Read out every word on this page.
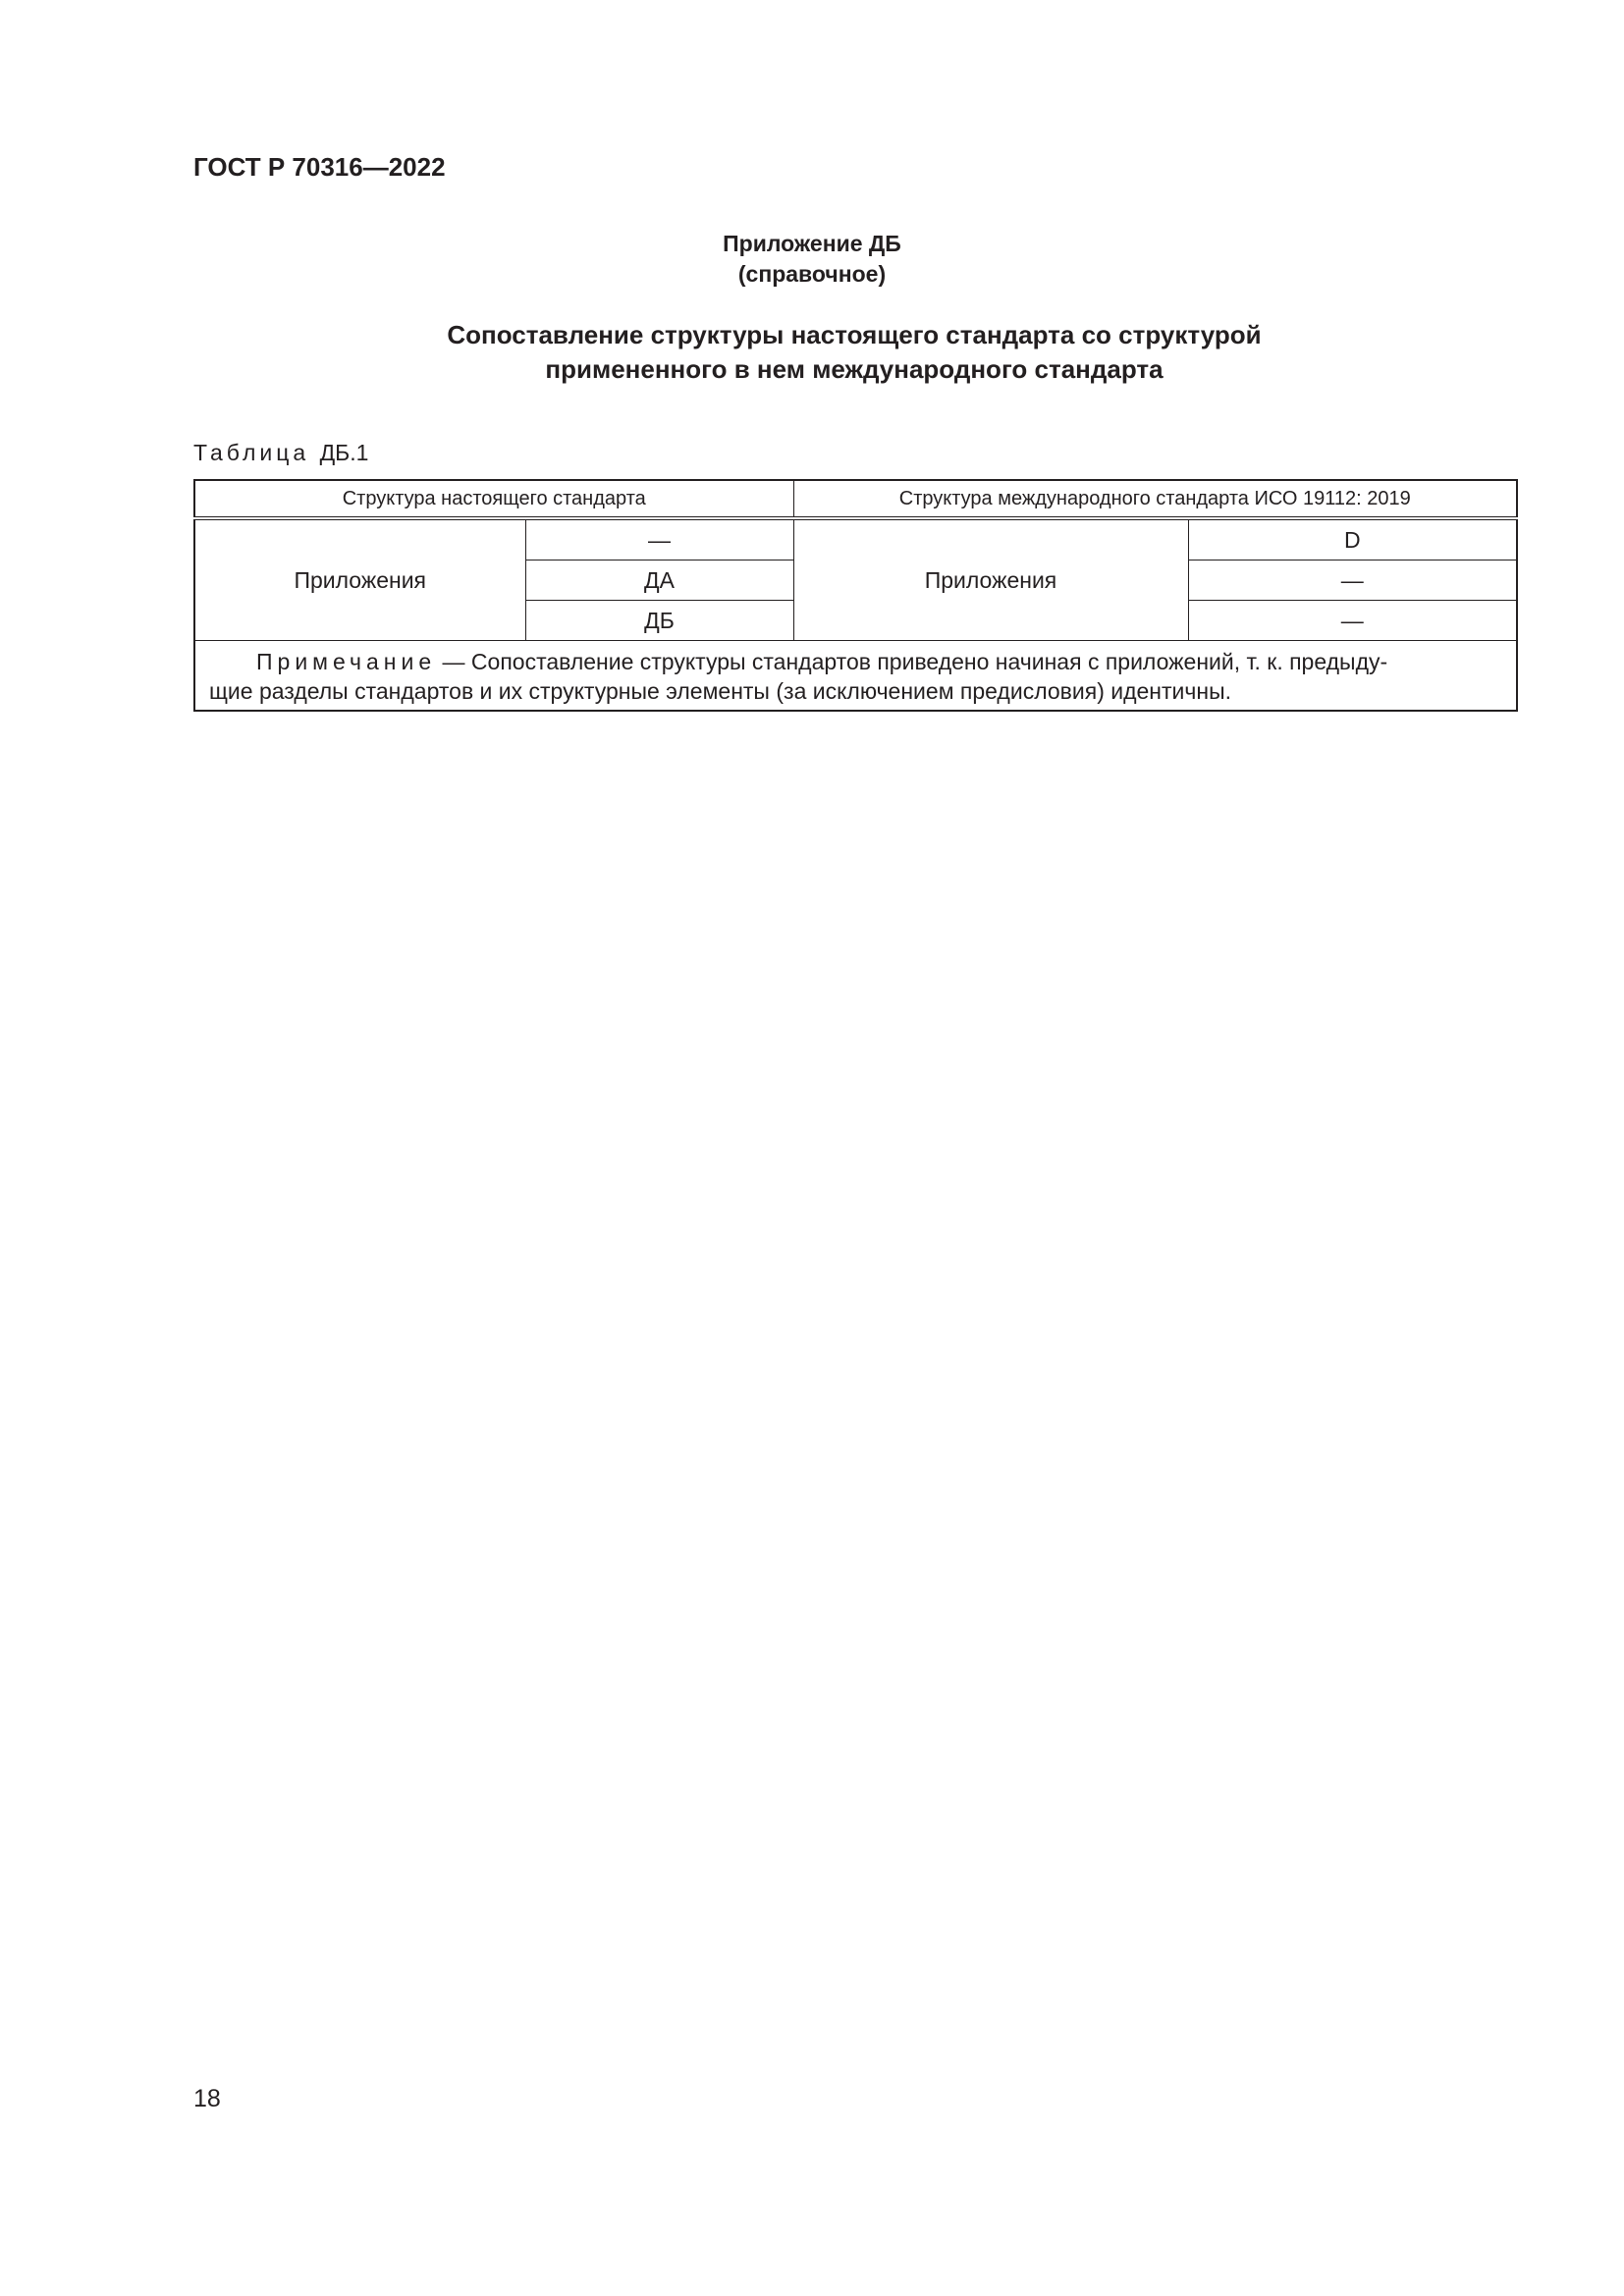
ГОСТ Р 70316—2022
Приложение ДБ
(справочное)
Сопоставление структуры настоящего стандарта со структурой
примененного в нем международного стандарта
Таблица ДБ.1
Структура настоящего стандарта		Структура международного стандарта ИСО 19112: 2019	
Приложения	—	Приложения	D
	ДА		—
	ДБ		—
Примечание — Сопоставление структуры стандартов приведено начиная с приложений, т. к. предыду-
щие разделы стандартов и их структурные элементы (за исключением предисловия) идентичны.			
18
